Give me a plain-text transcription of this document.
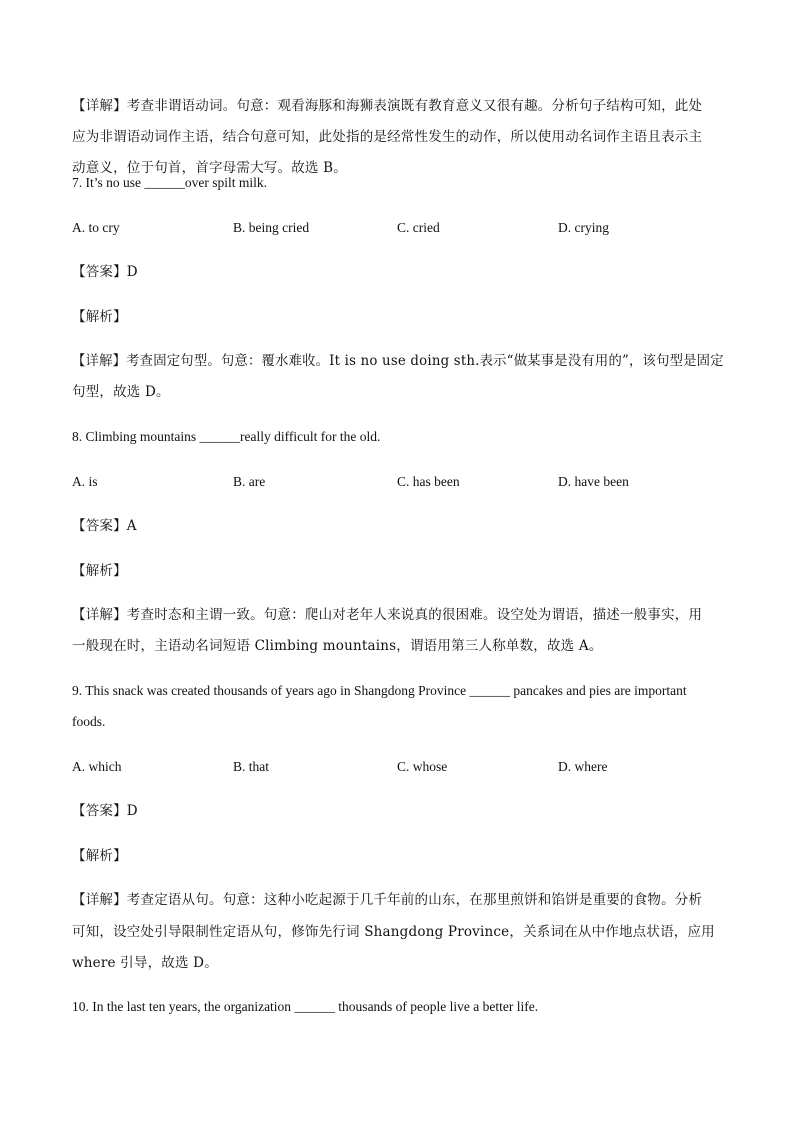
【详解】考查非谓语动词。句意：观看海豚和海狮表演既有教育意义又很有趣。分析句子结构可知，此处
应为非谓语动词作主语，结合句意可知，此处指的是经常性发生的动作，所以使用动名词作主语且表示主
动意义，位于句首，首字母需大写。故选 B。
7. It’s no use ______over spilt milk.
A. to cry	B. being cried	C. cried	D. crying
【答案】D
【解析】
【详解】考查固定句型。句意：覆水难收。It is no use doing sth.表示“做某事是没有用的”，该句型是固定
句型，故选 D。
8. Climbing mountains ______really difficult for the old.
A. is	B. are	C. has been	D. have been
【答案】A
【解析】
【详解】考查时态和主谓一致。句意：爬山对老年人来说真的很困难。设空处为谓语，描述一般事实，用
一般现在时，主语动名词短语 Climbing mountains，谓语用第三人称单数，故选 A。
9. This snack was created thousands of years ago in Shangdong Province ______ pancakes and pies are important
foods.
A. which	B. that	C. whose	D. where
【答案】D
【解析】
【详解】考查定语从句。句意：这种小吃起源于几千年前的山东，在那里煎饼和馅饼是重要的食物。分析
可知，设空处引导限制性定语从句，修饰先行词 Shangdong Province，关系词在从中作地点状语，应用
where 引导，故选 D。
10. In the last ten years, the organization ______ thousands of people live a better life.
